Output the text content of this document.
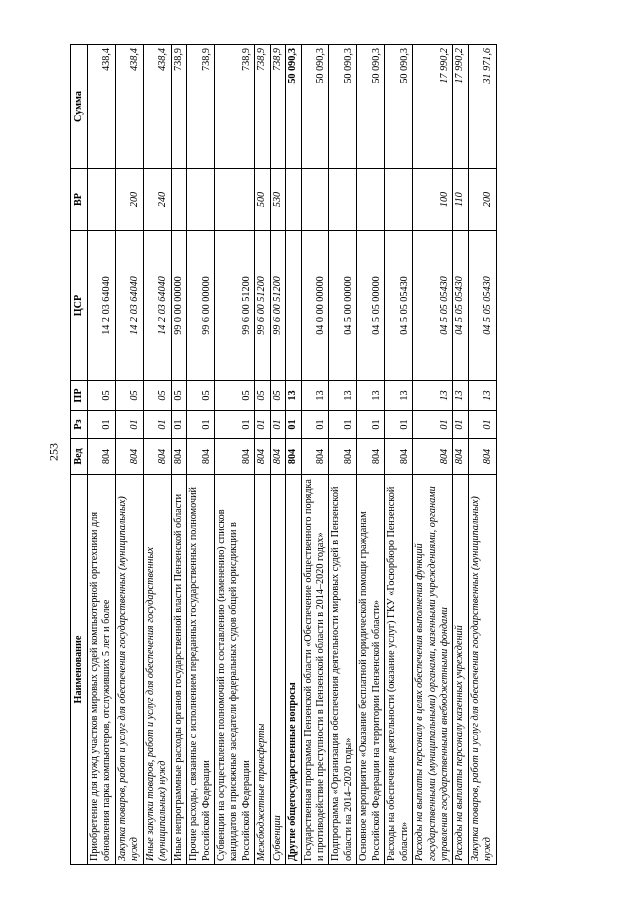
253
Наименование	Вед	Рз	ПР	ЦСР	ВР	Сумма
Приобретение для нужд участков мировых судей компьютерной оргтехники для обновления парка компьютеров, отслуживших 5 лет и более	804	01	05	14 2 03 64040		438,4
Закупка товаров, работ и услуг для обеспечения государственных (муниципальных) нужд	804	01	05	14 2 03 64040	200	438,4
Иные закупки товаров, работ и услуг для обеспечения государственных (муниципальных) нужд	804	01	05	14 2 03 64040	240	438,4
Иные непрограммные расходы органов государственной власти Пензенской области	804	01	05	99 0 00 00000		738,9
Прочие расходы, связанные с исполнением переданных государственных полномочий Российской Федерации	804	01	05	99 6 00 00000		738,9
Субвенции на осуществление полномочий по составлению (изменению) списков кандидатов в присяжные заседатели федеральных судов общей юрисдикции в Российской Федерации	804	01	05	99 6 00 51200		738,9
Межбюджетные трансферты	804	01	05	99 6 00 51200	500	738,9
Субвенции	804	01	05	99 6 00 51200	530	738,9
Другие общегосударственные вопросы	804	01	13			50 090,3
Государственная программа Пензенской области «Обеспечение общественного порядка и противодействие преступности в Пензенской области в 2014–2020 годах»	804	01	13	04 0 00 00000		50 090,3
Подпрограмма «Организация обеспечения деятельности мировых судей в Пензенской области на 2014–2020 годы»	804	01	13	04 5 00 00000		50 090,3
Основное мероприятие «Оказание бесплатной юридической помощи гражданам Российской Федерации на территории Пензенской области»	804	01	13	04 5 05 00000		50 090,3
Расходы на обеспечение деятельности (оказание услуг) ГКУ «Госюрбюро Пензенской области»	804	01	13	04 5 05 05430		50 090,3
Расходы на выплаты персоналу в целях обеспечения выполнения функций государственными (муниципальными) органами, казенными учреждениями, органами управления государственными внебюджетными фондами	804	01	13	04 5 05 05430	100	17 990,2
Расходы на выплаты персоналу казенных учреждений	804	01	13	04 5 05 05430	110	17 990,2
Закупка товаров, работ и услуг для обеспечения государственных (муниципальных) нужд	804	01	13	04 5 05 05430	200	31 971,6
